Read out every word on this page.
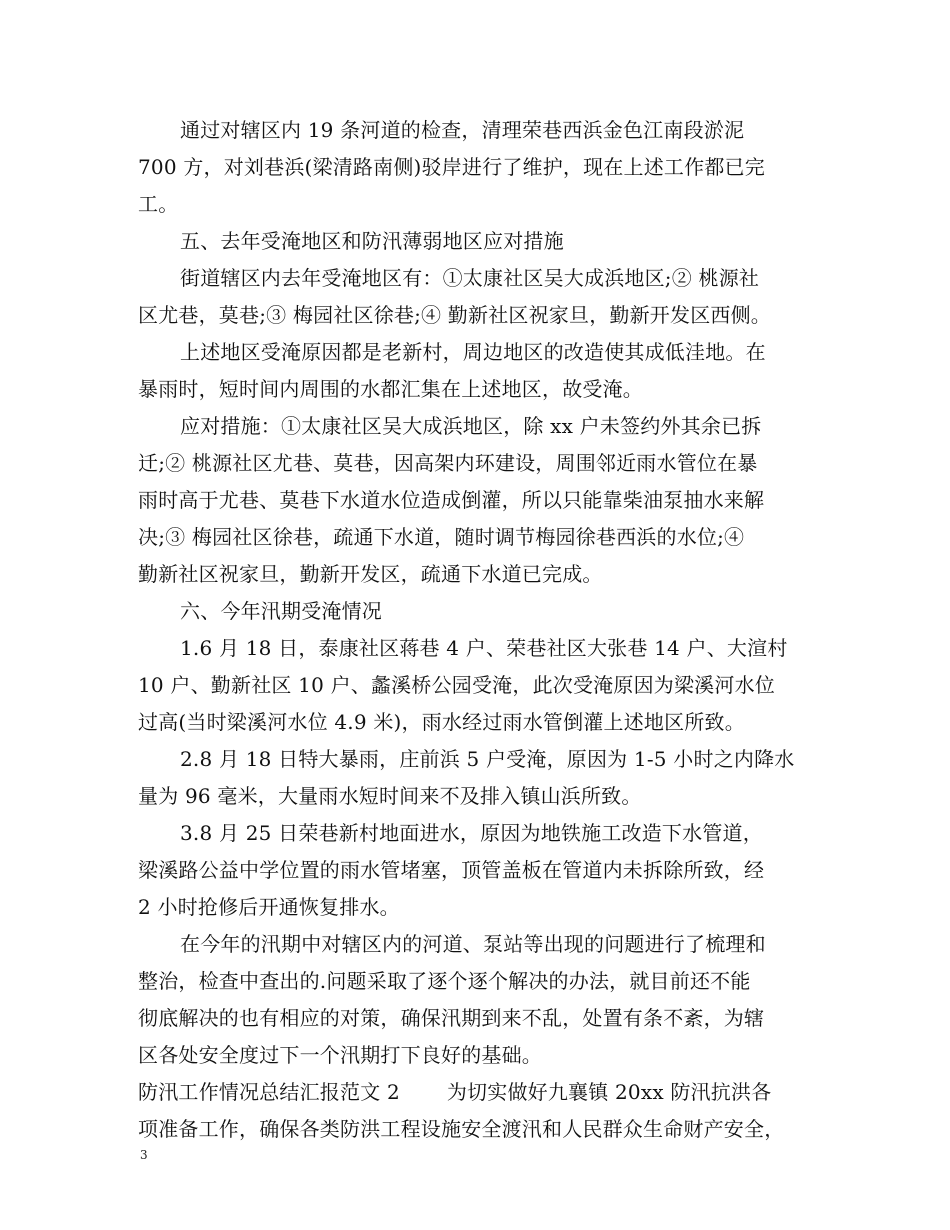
通过对辖区内 19 条河道的检查，清理荣巷西浜金色江南段淤泥
700 方，对刘巷浜(梁清路南侧)驳岸进行了维护，现在上述工作都已完
工。
五、去年受淹地区和防汛薄弱地区应对措施
街道辖区内去年受淹地区有：①太康社区吴大成浜地区;② 桃源社
区尤巷，莫巷;③ 梅园社区徐巷;④ 勤新社区祝家旦，勤新开发区西侧。
上述地区受淹原因都是老新村，周边地区的改造使其成低洼地。在
暴雨时，短时间内周围的水都汇集在上述地区，故受淹。
应对措施：①太康社区吴大成浜地区，除 xx 户未签约外其余已拆
迁;② 桃源社区尤巷、莫巷，因高架内环建设，周围邻近雨水管位在暴
雨时高于尤巷、莫巷下水道水位造成倒灌，所以只能靠柴油泵抽水来解
决;③ 梅园社区徐巷，疏通下水道，随时调节梅园徐巷西浜的水位;④
勤新社区祝家旦，勤新开发区，疏通下水道已完成。
六、今年汛期受淹情况
1.6 月 18 日，泰康社区蒋巷 4 户、荣巷社区大张巷 14 户、大渲村
10 户、勤新社区 10 户、蠡溪桥公园受淹，此次受淹原因为梁溪河水位
过高(当时梁溪河水位 4.9 米)，雨水经过雨水管倒灌上述地区所致。
2.8 月 18 日特大暴雨，庄前浜 5 户受淹，原因为 1-5 小时之内降水
量为 96 毫米，大量雨水短时间来不及排入镇山浜所致。
3.8 月 25 日荣巷新村地面进水，原因为地铁施工改造下水管道，
梁溪路公益中学位置的雨水管堵塞，顶管盖板在管道内未拆除所致，经
2 小时抢修后开通恢复排水。
在今年的汛期中对辖区内的河道、泵站等出现的问题进行了梳理和
整治，检查中查出的.问题采取了逐个逐个解决的办法，就目前还不能
彻底解决的也有相应的对策，确保汛期到来不乱，处置有条不紊，为辖
区各处安全度过下一个汛期打下良好的基础。
防汛工作情况总结汇报范文 2　　 为切实做好九襄镇 20xx 防汛抗洪各
项准备工作，确保各类防洪工程设施安全渡汛和人民群众生命财产安全，
3
